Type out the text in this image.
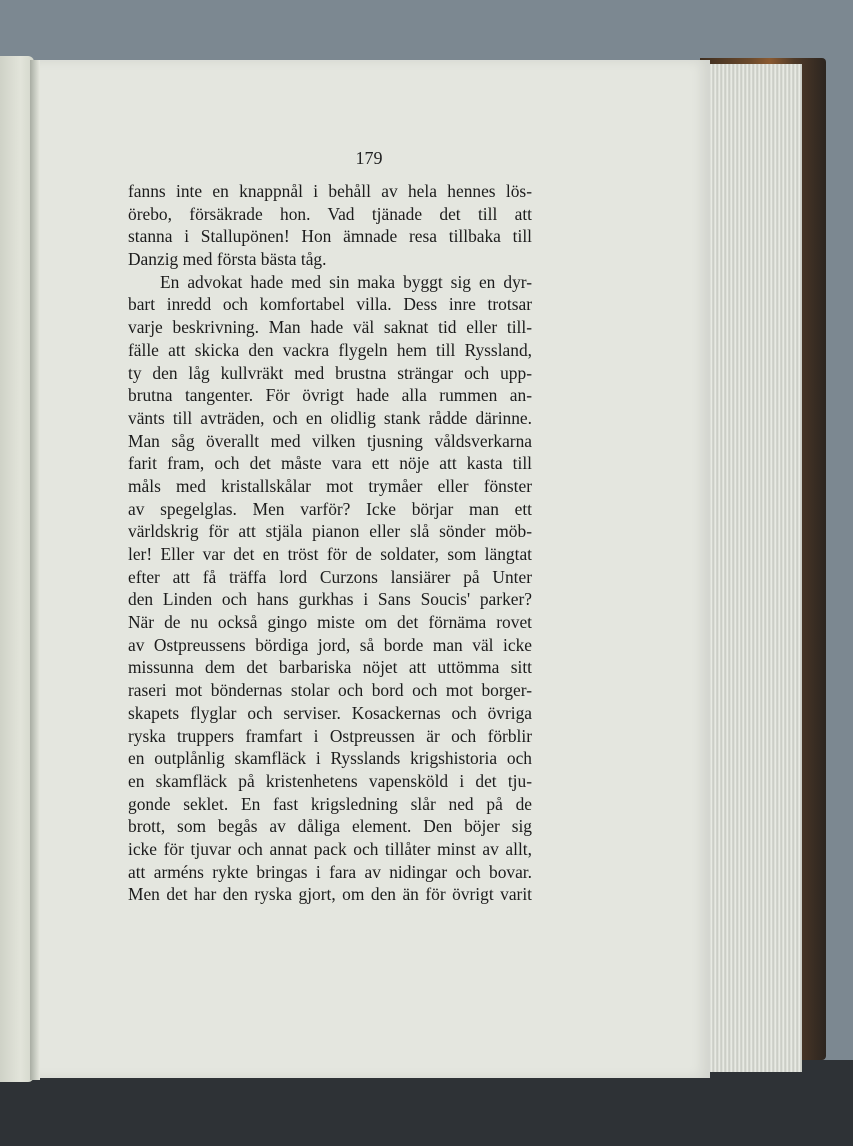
179
fanns inte en knappnål i behåll av hela hennes lös-
örebo, försäkrade hon. Vad tjänade det till att
stanna i Stallupönen! Hon ämnade resa tillbaka till
Danzig med första bästa tåg.
En advokat hade med sin maka byggt sig en dyr-
bart inredd och komfortabel villa. Dess inre trotsar
varje beskrivning. Man hade väl saknat tid eller till-
fälle att skicka den vackra flygeln hem till Ryssland,
ty den låg kullvräkt med brustna strängar och upp-
brutna tangenter. För övrigt hade alla rummen an-
vänts till avträden, och en olidlig stank rådde därinne.
Man såg överallt med vilken tjusning våldsverkarna
farit fram, och det måste vara ett nöje att kasta till
måls med kristallskålar mot trymåer eller fönster
av spegelglas. Men varför? Icke börjar man ett
världskrig för att stjäla pianon eller slå sönder möb-
ler! Eller var det en tröst för de soldater, som längtat
efter att få träffa lord Curzons lansiärer på Unter
den Linden och hans gurkhas i Sans Soucis' parker?
När de nu också gingo miste om det förnäma rovet
av Ostpreussens bördiga jord, så borde man väl icke
missunna dem det barbariska nöjet att uttömma sitt
raseri mot böndernas stolar och bord och mot borger-
skapets flyglar och serviser. Kosackernas och övriga
ryska truppers framfart i Ostpreussen är och förblir
en outplånlig skamfläck i Rysslands krigshistoria och
en skamfläck på kristenhetens vapensköld i det tju-
gonde seklet. En fast krigsledning slår ned på de
brott, som begås av dåliga element. Den böjer sig
icke för tjuvar och annat pack och tillåter minst av allt,
att arméns rykte bringas i fara av nidingar och bovar.
Men det har den ryska gjort, om den än för övrigt varit
